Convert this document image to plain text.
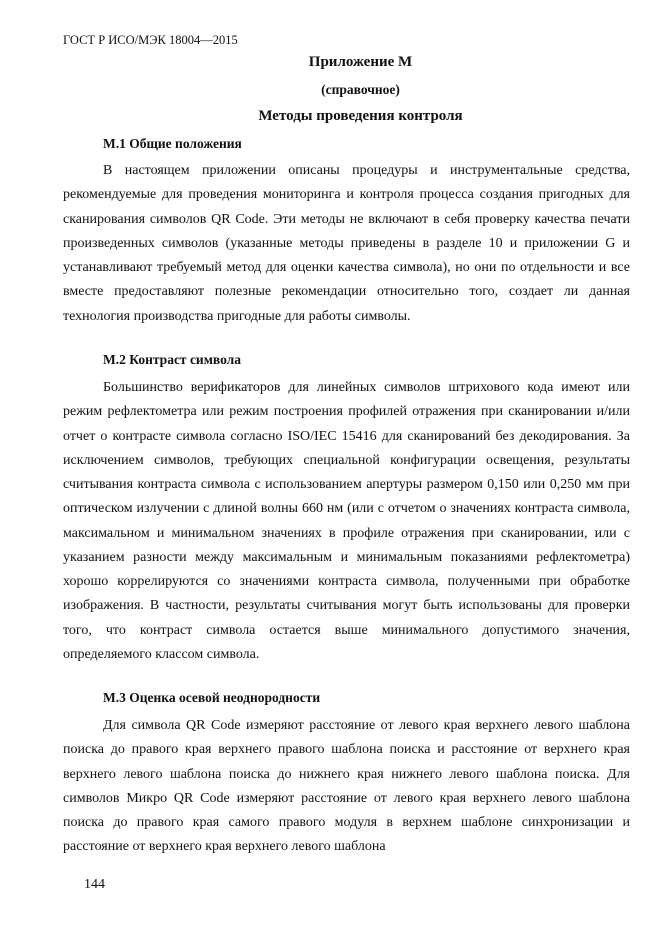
ГОСТ Р ИСО/МЭК 18004—2015
Приложение М
(справочное)
Методы проведения контроля
М.1 Общие положения
В настоящем приложении описаны процедуры и инструментальные средства, рекомендуемые для проведения мониторинга и контроля процесса создания пригодных для сканирования символов QR Code. Эти методы не включают в себя проверку качества печати произведенных символов (указанные методы приведены в разделе 10 и приложении G и устанавливают требуемый метод для оценки качества символа), но они по отдельности и все вместе предоставляют полезные рекомендации относительно того, создает ли данная технология производства пригодные для работы символы.
М.2 Контраст символа
Большинство верификаторов для линейных символов штрихового кода имеют или режим рефлектометра или режим построения профилей отражения при сканировании и/или отчет о контрасте символа согласно ISO/IEC 15416 для сканирований без декодирования. За исключением символов, требующих специальной конфигурации освещения, результаты считывания контраста символа с использованием апертуры размером 0,150 или 0,250 мм при оптическом излучении с длиной волны 660 нм (или с отчетом о значениях контраста символа, максимальном и минимальном значениях в профиле отражения при сканировании, или с указанием разности между максимальным и минимальным показаниями рефлектометра) хорошо коррелируются со значениями контраста символа, полученными при обработке изображения. В частности, результаты считывания могут быть использованы для проверки того, что контраст символа остается выше минимального допустимого значения, определяемого классом символа.
М.3 Оценка осевой неоднородности
Для символа QR Code измеряют расстояние от левого края верхнего левого шаблона поиска до правого края верхнего правого шаблона поиска и расстояние от верхнего края верхнего левого шаблона поиска до нижнего края нижнего левого шаблона поиска. Для символов Микро QR Code измеряют расстояние от левого края верхнего левого шаблона поиска до правого края самого правого модуля в верхнем шаблоне синхронизации и расстояние от верхнего края верхнего левого шаблона
144
